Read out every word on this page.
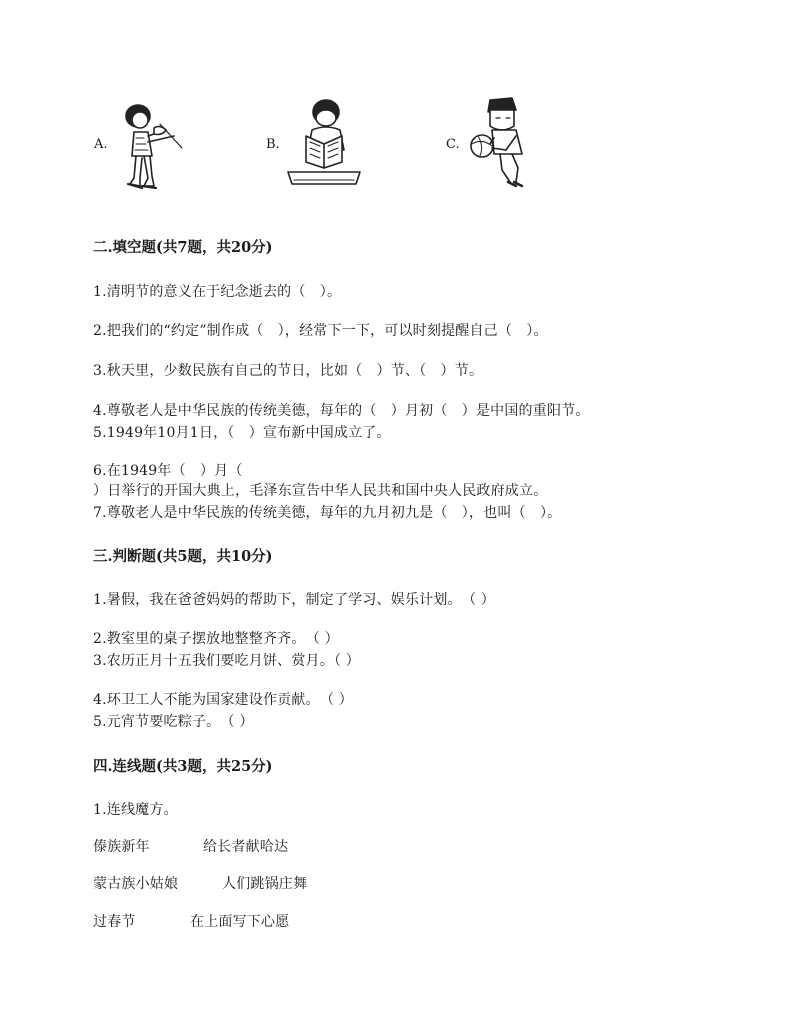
A.	B.	C.
二.填空题(共7题，共20分)
1.清明节的意义在于纪念逝去的（　）。
2.把我们的“约定”制作成（　），经常下一下，可以时刻提醒自己（　）。
3.秋天里，少数民族有自己的节日，比如（　）节、（　）节。
4.尊敬老人是中华民族的传统美德，每年的（　）月初（　）是中国的重阳节。
5.1949年10月1日，（　）宣布新中国成立了。
6.在1949年（　）月（
）日举行的开国大典上，毛泽东宣告中华人民共和国中央人民政府成立。
7.尊敬老人是中华民族的传统美德，每年的九月初九是（　），也叫（　）。
三.判断题(共5题，共10分)
1.暑假，我在爸爸妈妈的帮助下，制定了学习、娱乐计划。　（ ）
2.教室里的桌子摆放地整整齐齐。　（ ）
3.农历正月十五我们要吃月饼、赏月。（ ）
4.环卫工人不能为国家建设作贡献。　（ ）
5.元宵节要吃粽子。　（ ）
四.连线题(共3题，共25分)
1.连线魔方。
傣族新年	给长者献哈达
蒙古族小姑娘	人们跳锅庄舞
过春节	在上面写下心愿
